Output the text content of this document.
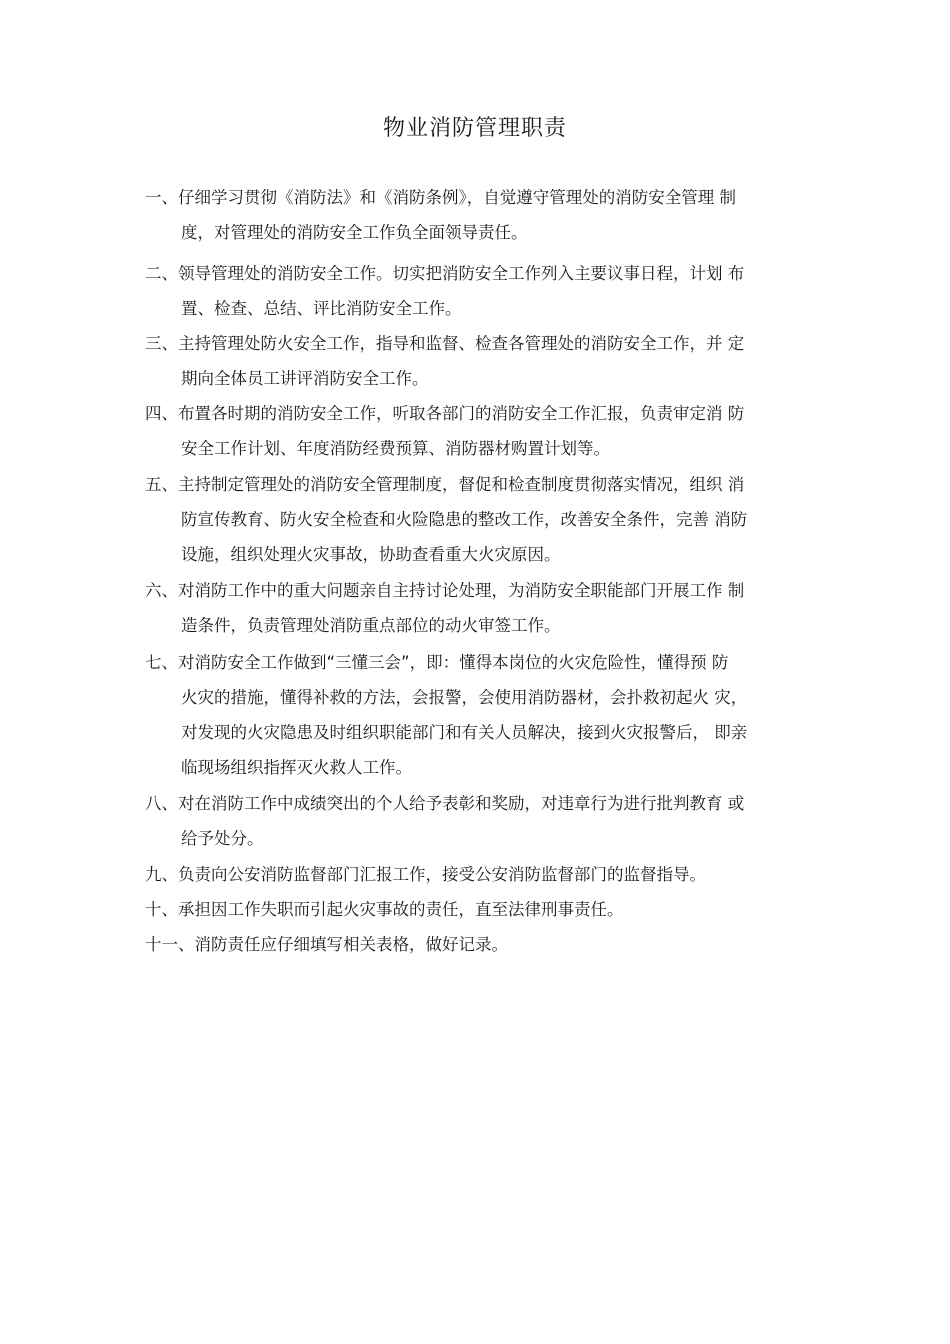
物业消防管理职责
一、仔细学习贯彻《消防法》和《消防条例》，自觉遵守管理处的消防安全管理 制
度，对管理处的消防安全工作负全面领导责任。
二、领导管理处的消防安全工作。切实把消防安全工作列入主要议事日程，计划 布
置、检查、总结、评比消防安全工作。
三、主持管理处防火安全工作，指导和监督、检查各管理处的消防安全工作，并 定
期向全体员工讲评消防安全工作。
四、布置各时期的消防安全工作，听取各部门的消防安全工作汇报，负责审定消 防
安全工作计划、年度消防经费预算、消防器材购置计划等。
五、主持制定管理处的消防安全管理制度，督促和检查制度贯彻落实情况，组织 消
防宣传教育、防火安全检查和火险隐患的整改工作，改善安全条件，完善 消防
设施，组织处理火灾事故，协助查看重大火灾原因。
六、对消防工作中的重大问题亲自主持讨论处理，为消防安全职能部门开展工作 制
造条件，负责管理处消防重点部位的动火审签工作。
七、对消防安全工作做到“三懂三会”，即：懂得本岗位的火灾危险性，懂得预 防
火灾的措施，懂得补救的方法，会报警，会使用消防器材，会扑救初起火 灾，
对发现的火灾隐患及时组织职能部门和有关人员解决，接到火灾报警后， 即亲
临现场组织指挥灭火救人工作。
八、对在消防工作中成绩突出的个人给予表彰和奖励，对违章行为进行批判教育 或
给予处分。
九、负责向公安消防监督部门汇报工作，接受公安消防监督部门的监督指导。
十、承担因工作失职而引起火灾事故的责任，直至法律刑事责任。
十一、消防责任应仔细填写相关表格，做好记录。
